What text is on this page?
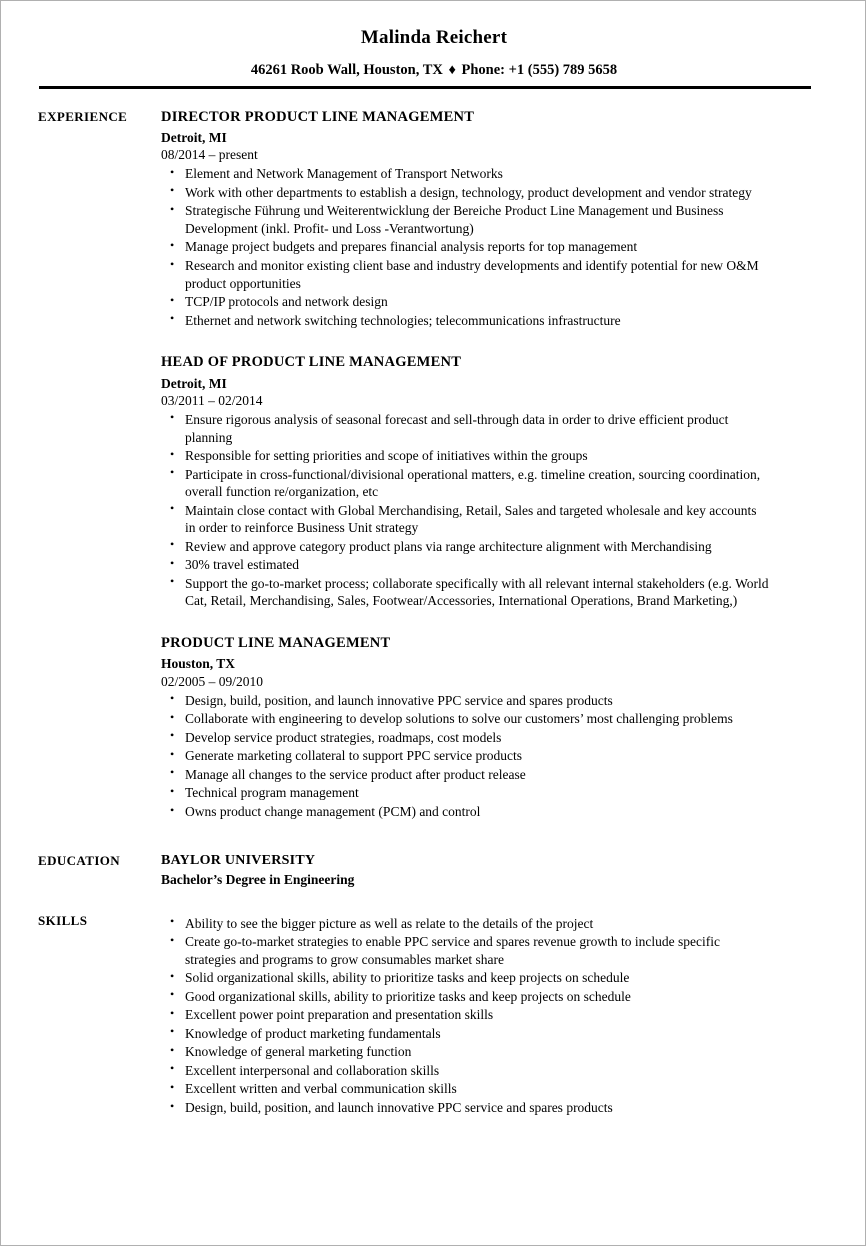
Malinda Reichert
46261 Roob Wall, Houston, TX ♦ Phone: +1 (555) 789 5658
EXPERIENCE	DIRECTOR PRODUCT LINE MANAGEMENT
Detroit, MI
08/2014 – present
• Element and Network Management of Transport Networks
• Work with other departments to establish a design, technology, product development and vendor strategy
• Strategische Führung und Weiterentwicklung der Bereiche Product Line Management und Business Development (inkl. Profit- und Loss -Verantwortung)
• Manage project budgets and prepares financial analysis reports for top management
• Research and monitor existing client base and industry developments and identify potential for new O&M product opportunities
• TCP/IP protocols and network design
• Ethernet and network switching technologies; telecommunications infrastructure
HEAD OF PRODUCT LINE MANAGEMENT
Detroit, MI
03/2011 – 02/2014
• Ensure rigorous analysis of seasonal forecast and sell-through data in order to drive efficient product planning
• Responsible for setting priorities and scope of initiatives within the groups
• Participate in cross-functional/divisional operational matters, e.g. timeline creation, sourcing coordination, overall function re/organization, etc
• Maintain close contact with Global Merchandising, Retail, Sales and targeted wholesale and key accounts in order to reinforce Business Unit strategy
• Review and approve category product plans via range architecture alignment with Merchandising
• 30% travel estimated
• Support the go-to-market process; collaborate specifically with all relevant internal stakeholders (e.g. World Cat, Retail, Merchandising, Sales, Footwear/Accessories, International Operations, Brand Marketing,)
PRODUCT LINE MANAGEMENT
Houston, TX
02/2005 – 09/2010
• Design, build, position, and launch innovative PPC service and spares products
• Collaborate with engineering to develop solutions to solve our customers’ most challenging problems
• Develop service product strategies, roadmaps, cost models
• Generate marketing collateral to support PPC service products
• Manage all changes to the service product after product release
• Technical program management
• Owns product change management (PCM) and control
EDUCATION	BAYLOR UNIVERSITY
Bachelor’s Degree in Engineering
SKILLS	• Ability to see the bigger picture as well as relate to the details of the project
• Create go-to-market strategies to enable PPC service and spares revenue growth to include specific strategies and programs to grow consumables market share
• Solid organizational skills, ability to prioritize tasks and keep projects on schedule
• Good organizational skills, ability to prioritize tasks and keep projects on schedule
• Excellent power point preparation and presentation skills
• Knowledge of product marketing fundamentals
• Knowledge of general marketing function
• Excellent interpersonal and collaboration skills
• Excellent written and verbal communication skills
• Design, build, position, and launch innovative PPC service and spares products
